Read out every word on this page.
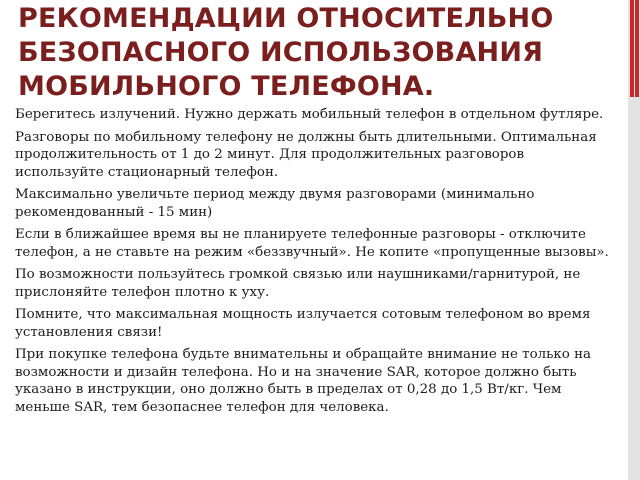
РЕКОМЕНДАЦИИ ОТНОСИТЕЛЬНО БЕЗОПАСНОГО ИСПОЛЬЗОВАНИЯ МОБИЛЬНОГО ТЕЛЕФОНА.
Берегитесь излучений. Нужно держать мобильный телефон в отдельном футляре.
Разговоры по мобильному телефону не должны быть длительными. Оптимальная продолжительность от 1 до 2 минут. Для продолжительных разговоров используйте стационарный телефон.
Максимально увеличьте период между двумя разговорами (минимально рекомендованный - 15 мин)
Если в ближайшее время вы не планируете телефонные разговоры - отключите телефон, а не ставьте на режим «беззвучный». Не копите «пропущенные вызовы».
По возможности пользуйтесь громкой связью или наушниками/гарнитурой, не прислоняйте телефон плотно к уху.
Помните, что максимальная мощность излучается сотовым телефоном во время установления связи!
При покупке телефона будьте внимательны и обращайте внимание не только на возможности и дизайн телефона. Но и на значение SAR, которое должно быть указано в инструкции, оно должно быть в пределах от 0,28 до 1,5 Вт/кг. Чем меньше SAR, тем безопаснее телефон для человека.
